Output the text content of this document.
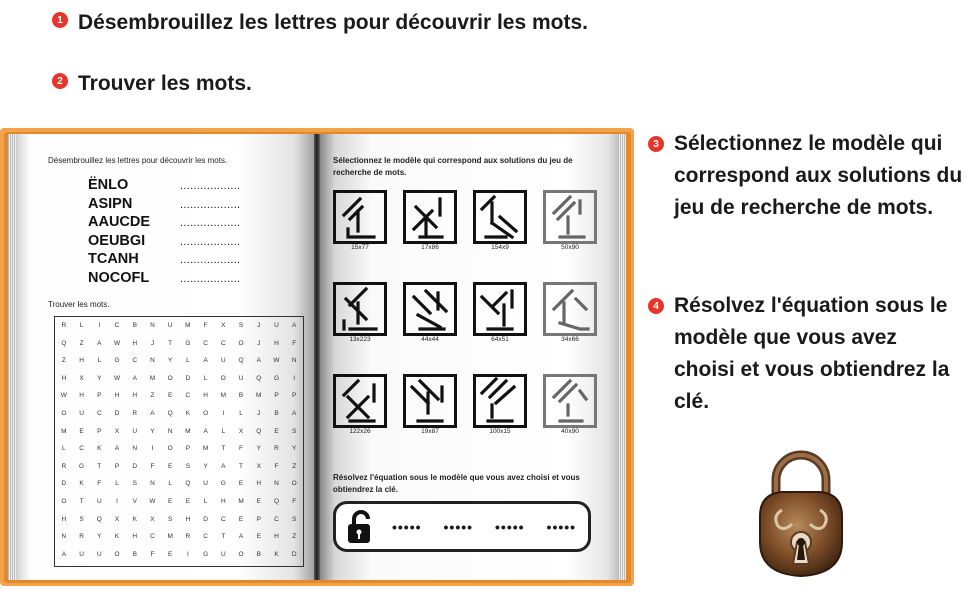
1 Désembrouillez les lettres pour découvrir les mots.
2 Trouver les mots.
3 Sélectionnez le modèle qui correspond aux solutions du jeu de recherche de mots.
4 Résolvez l'équation sous le modèle que vous avez choisi et vous obtiendrez la clé.
Désembrouillez les lettres pour découvrir les mots.
ËNLO	..................
ASIPN	..................
AAUCDE	..................
OEUBGI	..................
TCANH	..................
NOCOFL	..................
Trouver les mots.
R	L	I	C	B	N	U	M	F	X	S	J	U	A
Q	Z	A	W	H	J	T	G	C	C	O	J	H	F
Z	H	L	G	C	N	Y	L	A	U	Q	A	W	N
H	X	Y	W	A	M	O	D	L	O	U	Q	G	I
W	H	P	H	H	Z	E	C	H	M	B	M	P	P
O	U	C	D	R	A	Q	K	O	I	L	J	B	A
M	E	P	X	U	Y	N	M	A	L	X	Q	E	S
L	C	K	A	N	I	O	P	M	T	F	Y	R	Y
R	G	T	P	D	F	E	S	Y	A	T	X	F	Z
D	K	F	L	S	N	L	Q	U	G	E	H	N	O
O	T	U	I	V	W	E	E	L	H	M	E	Q	F
H	S	Q	X	K	X	S	H	D	C	E	P	C	S
N	R	Y	K	H	C	M	R	C	T	A	E	H	Z
A	U	U	O	B	F	E	I	G	U	O	B	K	D
Sélectionnez le modèle qui correspond aux solutions du jeu de recherche de mots.
15x77	17x86	154x9	50x90
13x223	44x44	64x51	34x66
122x26	19x87	100x15	40x90
Résolvez l'équation sous le modèle que vous avez choisi et vous obtiendrez la clé.
••••• ••••• ••••• •••••
